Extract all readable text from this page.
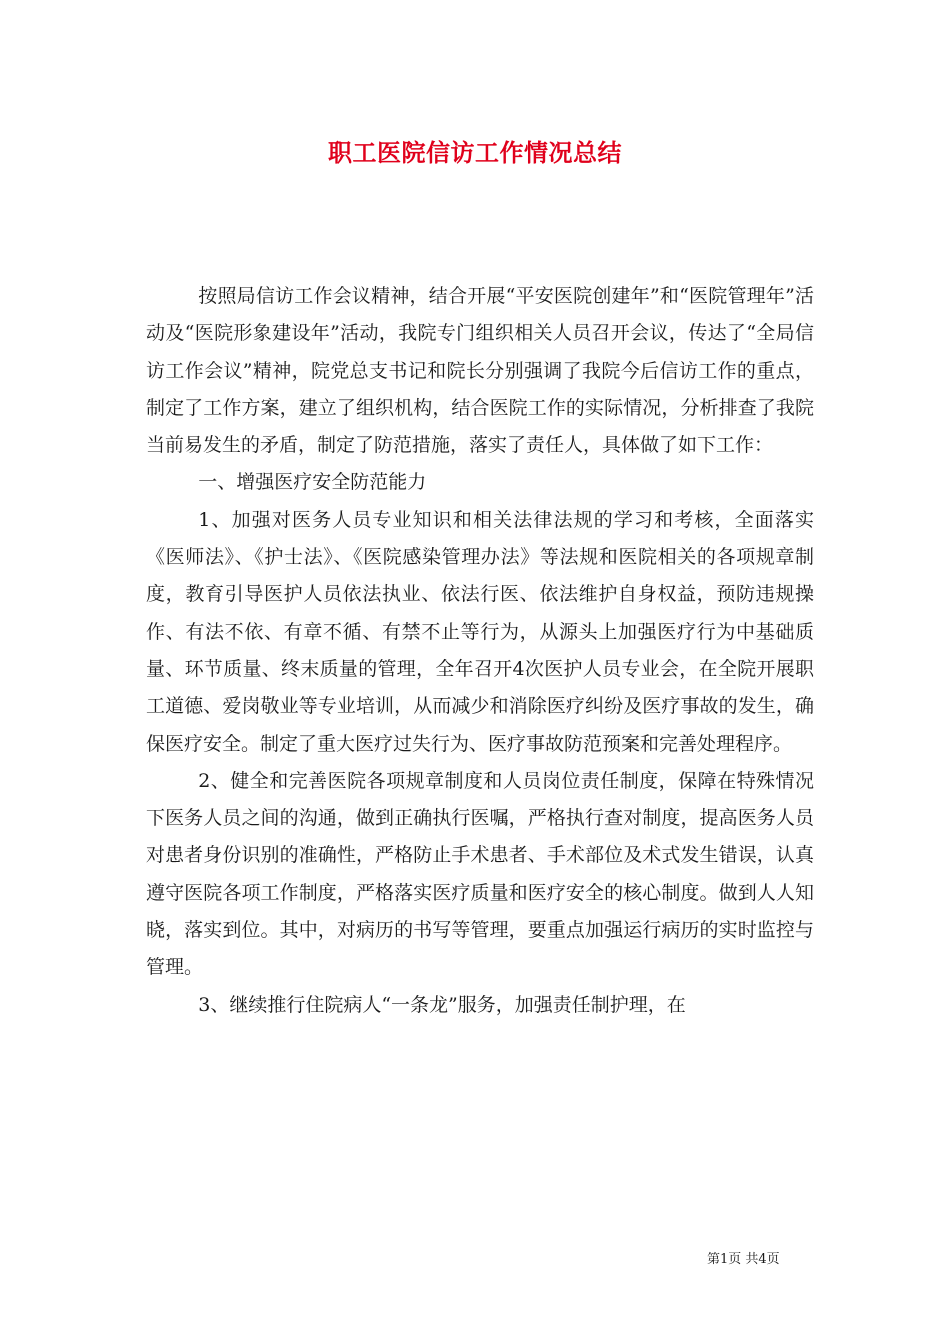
职工医院信访工作情况总结

按照局信访工作会议精神，结合开展“平安医院创建年”和“医院管理年”活动及“医院形象建设年”活动，我院专门组织相关人员召开会议，传达了“全局信访工作会议”精神，院党总支书记和院长分别强调了我院今后信访工作的重点，制定了工作方案，建立了组织机构，结合医院工作的实际情况，分析排查了我院当前易发生的矛盾，制定了防范措施，落实了责任人，具体做了如下工作：

一、增强医疗安全防范能力

1、加强对医务人员专业知识和相关法律法规的学习和考核，全面落实《医师法》、《护士法》、《医院感染管理办法》等法规和医院相关的各项规章制度，教育引导医护人员依法执业、依法行医、依法维护自身权益，预防违规操作、有法不依、有章不循、有禁不止等行为，从源头上加强医疗行为中基础质量、环节质量、终末质量的管理，全年召开4次医护人员专业会，在全院开展职工道德、爱岗敬业等专业培训，从而减少和消除医疗纠纷及医疗事故的发生，确保医疗安全。制定了重大医疗过失行为、医疗事故防范预案和完善处理程序。

2、健全和完善医院各项规章制度和人员岗位责任制度，保障在特殊情况下医务人员之间的沟通，做到正确执行医嘱，严格执行查对制度，提高医务人员对患者身份识别的准确性，严格防止手术患者、手术部位及术式发生错误，认真遵守医院各项工作制度，严格落实医疗质量和医疗安全的核心制度。做到人人知晓，落实到位。其中，对病历的书写等管理，要重点加强运行病历的实时监控与管理。

3、继续推行住院病人“一条龙”服务，加强责任制护理，在

第1页 共4页
